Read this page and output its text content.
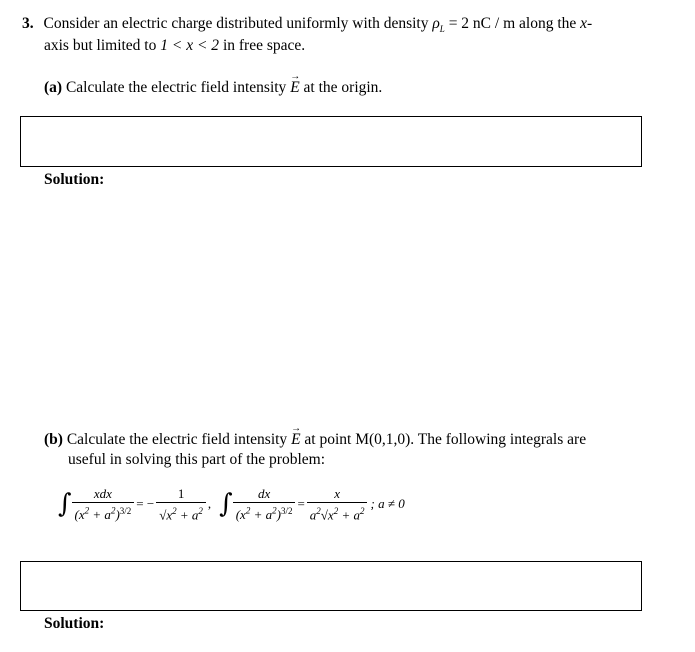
3. Consider an electric charge distributed uniformly with density $\rho_L = 2$ nC / m along the x-
axis but limited to 1 < x < 2 in free space.
(a) Calculate the electric field intensity → E at the origin.
Solution:
(b) Calculate the electric field intensity → E at point M(0,1,0). The following integrals are
useful in solving this part of the problem:
∫ $\frac{\text{xdx}}{(x^2 + a^2)^{3/2}}$ = − $\frac{1}{√x^2 + a^2}$ , ∫ $\frac{dx}{(x^2 + a^2)^{3/2}} = \frac{x}{a^2√x^2 + a^2}$ ; a ≠ 0
Solution:
